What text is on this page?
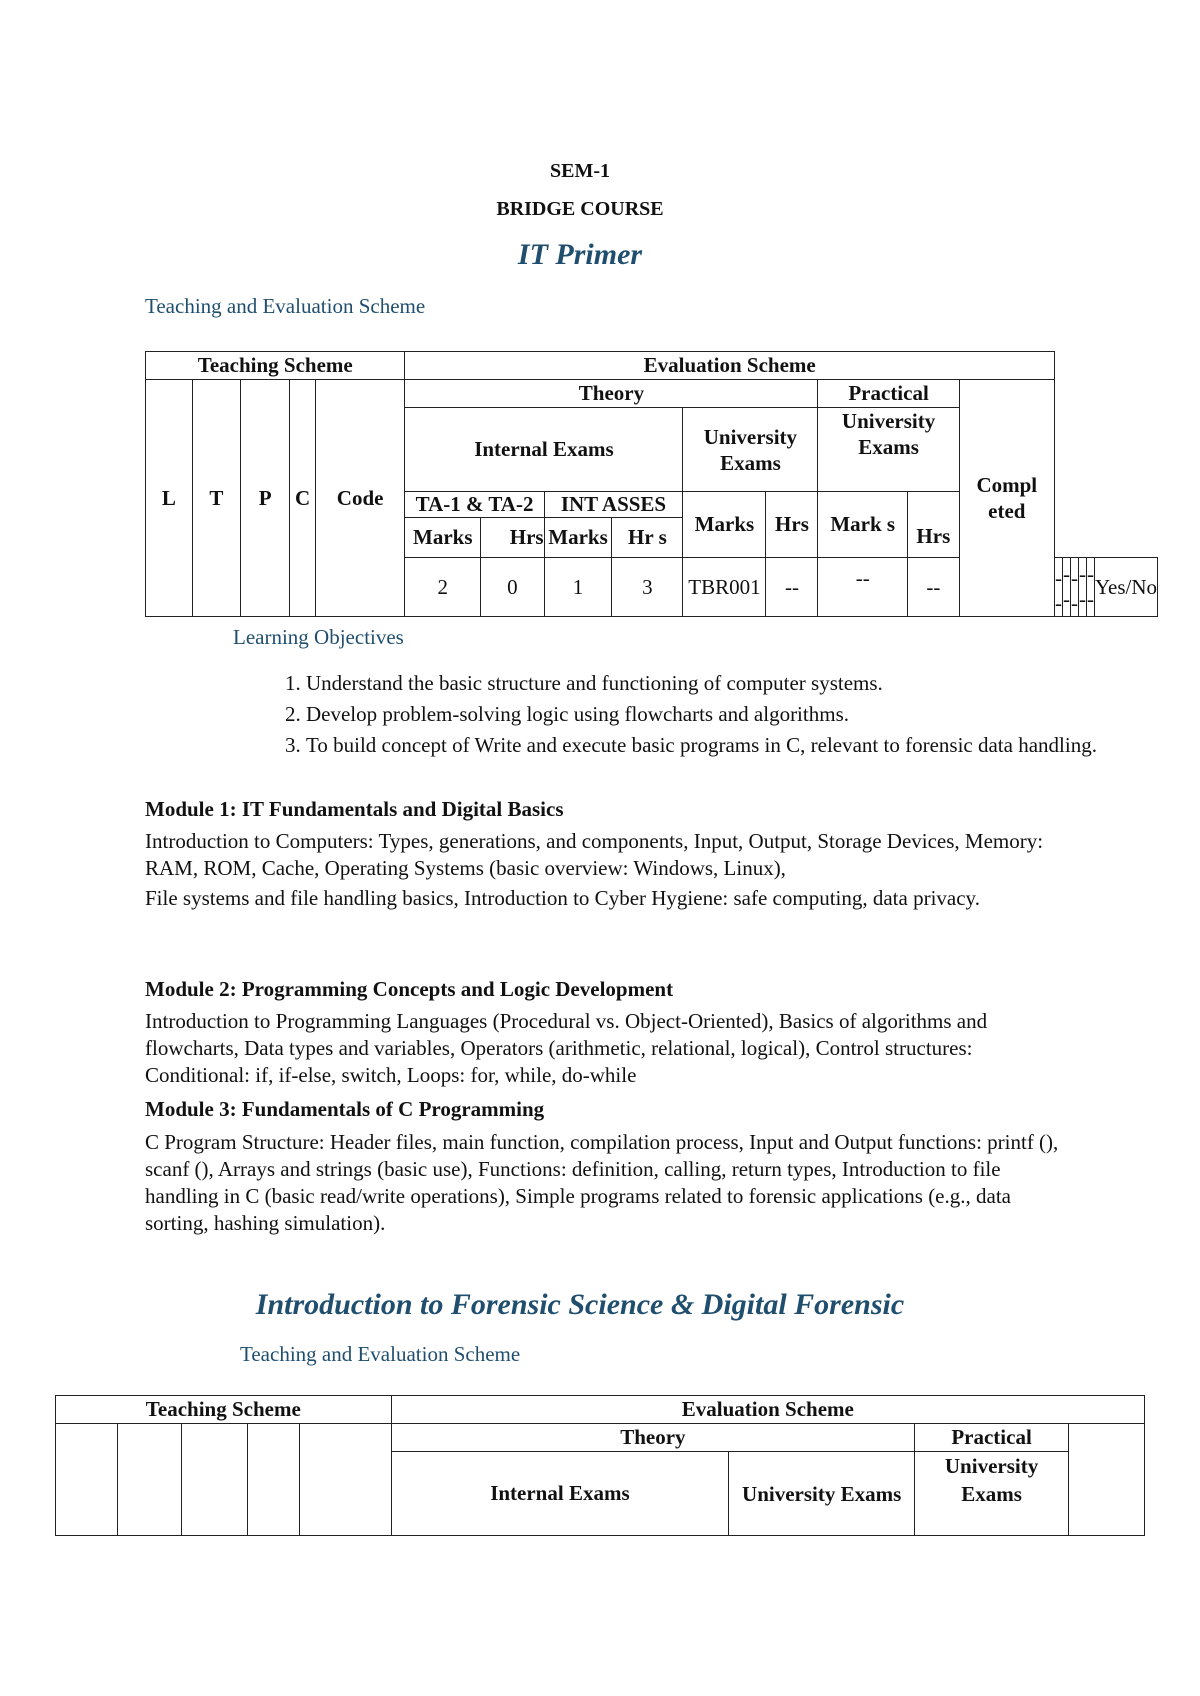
SEM-1
BRIDGE COURSE
IT Primer
Teaching and Evaluation Scheme
Teaching Scheme					Evaluation Scheme														
L	T	P	C	Code	Theory						Practical		Compl eted						
					Internal Exams				University Exams		University Exams								
					TA-1 & TA-2		INT ASSES		Marks	Hrs	Mark s	Hrs							
					Marks	Hrs	Marks	Hr s											
					2	0	1	3	TBR001	--	--	--		--	--	--	--	--	Yes/No
Learning Objectives
1. Understand the basic structure and functioning of computer systems.
2. Develop problem-solving logic using flowcharts and algorithms.
3. To build concept of Write and execute basic programs in C, relevant to forensic data handling.
Module 1: IT Fundamentals and Digital Basics

Introduction to Computers: Types, generations, and components, Input, Output, Storage Devices, Memory: RAM, ROM, Cache, Operating Systems (basic overview: Windows, Linux),

File systems and file handling basics, Introduction to Cyber Hygiene: safe computing, data privacy.

Module 2: Programming Concepts and Logic Development

Introduction to Programming Languages (Procedural vs. Object-Oriented), Basics of algorithms and flowcharts, Data types and variables, Operators (arithmetic, relational, logical), Control structures: Conditional: if, if-else, switch, Loops: for, while, do-while

Module 3: Fundamentals of C Programming

C Program Structure: Header files, main function, compilation process, Input and Output functions: printf (), scanf (), Arrays and strings (basic use), Functions: definition, calling, return types, Introduction to file handling in C (basic read/write operations), Simple programs related to forensic applications (e.g., data sorting, hashing simulation).

Introduction to Forensic Science & Digital Forensic
Teaching and Evaluation Scheme
Teaching Scheme					Evaluation Scheme			
					Theory		Practical	
					Internal Exams	University Exams	University Exams	
